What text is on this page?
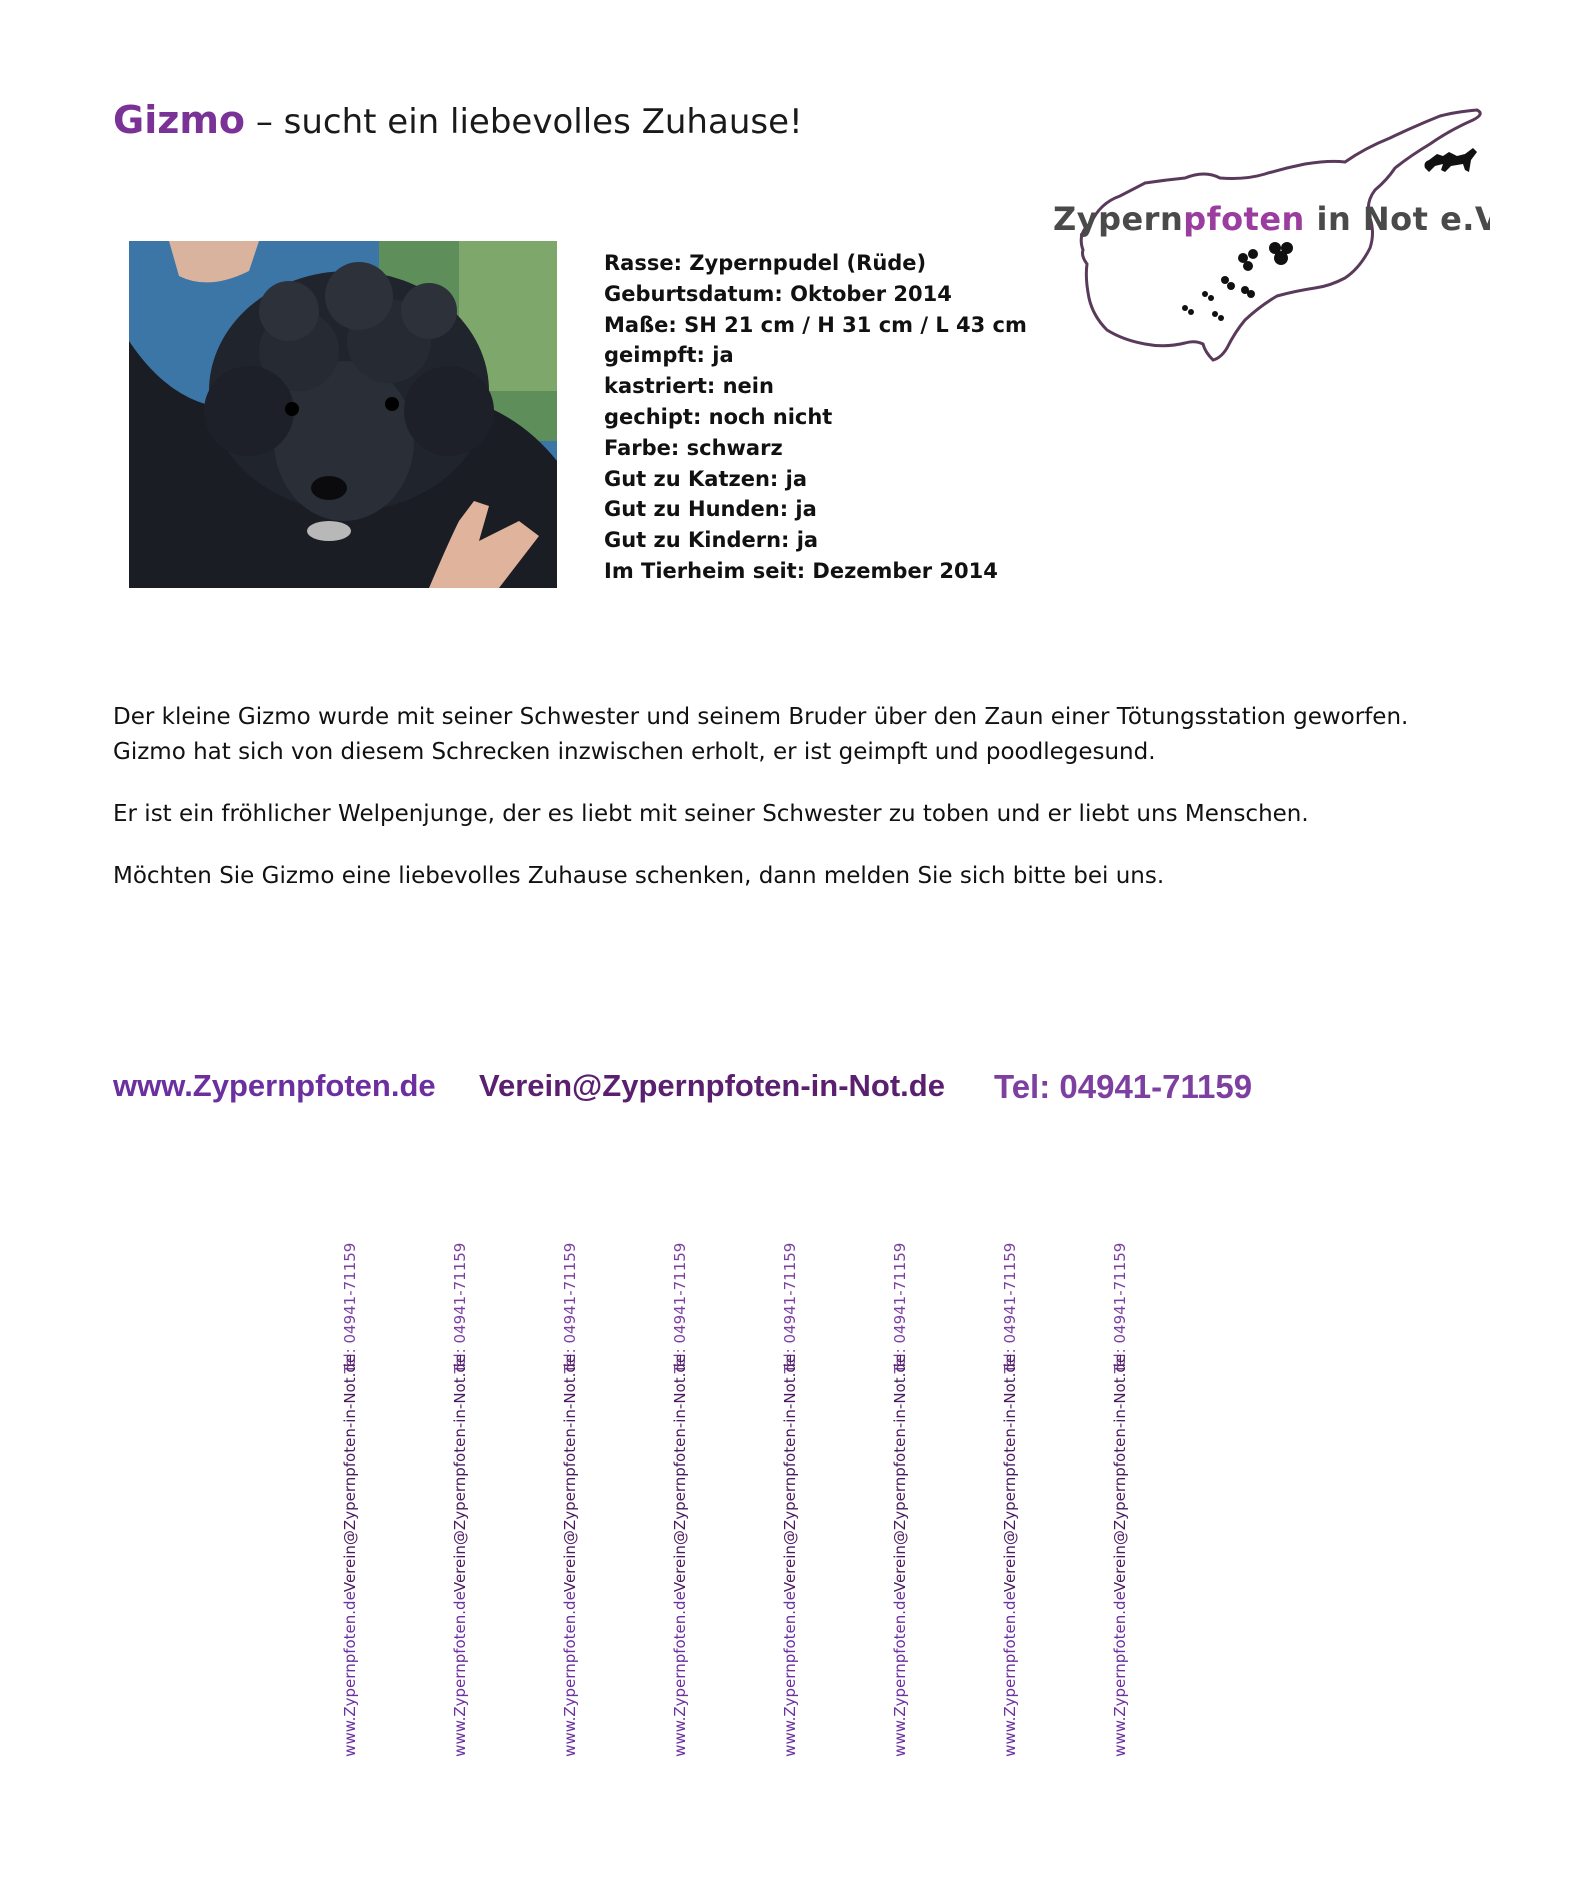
Gizmo – sucht ein liebevolles Zuhause!
Rasse: Zypernpudel (Rüde)
Geburtsdatum: Oktober 2014
Maße: SH 21 cm / H 31 cm / L 43 cm
geimpft: ja
kastriert: nein
gechipt: noch nicht
Farbe: schwarz
Gut zu Katzen: ja
Gut zu Hunden: ja
Gut zu Kindern: ja
Im Tierheim seit: Dezember 2014
Zypernpfoten in Not e.V.

Der kleine Gizmo wurde mit seiner Schwester und seinem Bruder über den Zaun einer Tötungsstation geworfen.
Gizmo hat sich von diesem Schrecken inzwischen erholt, er ist geimpft und poodlegesund.

Er ist ein fröhlicher Welpenjunge, der es liebt mit seiner Schwester zu toben und er liebt uns Menschen.

Möchten Sie Gizmo eine liebevolles Zuhause schenken, dann melden Sie sich bitte bei uns.

www.Zypernpfoten.de Verein@Zypernpfoten-in-Not.de Tel: 04941-71159
Tel: 04941-71159
Verein@Zypernpfoten-in-Not.de
www.Zypernpfoten.de
Tel: 04941-71159
Verein@Zypernpfoten-in-Not.de
www.Zypernpfoten.de
Tel: 04941-71159
Verein@Zypernpfoten-in-Not.de
www.Zypernpfoten.de
Tel: 04941-71159
Verein@Zypernpfoten-in-Not.de
www.Zypernpfoten.de
Tel: 04941-71159
Verein@Zypernpfoten-in-Not.de
www.Zypernpfoten.de
Tel: 04941-71159
Verein@Zypernpfoten-in-Not.de
www.Zypernpfoten.de
Tel: 04941-71159
Verein@Zypernpfoten-in-Not.de
www.Zypernpfoten.de
Tel: 04941-71159
Verein@Zypernpfoten-in-Not.de
www.Zypernpfoten.de
